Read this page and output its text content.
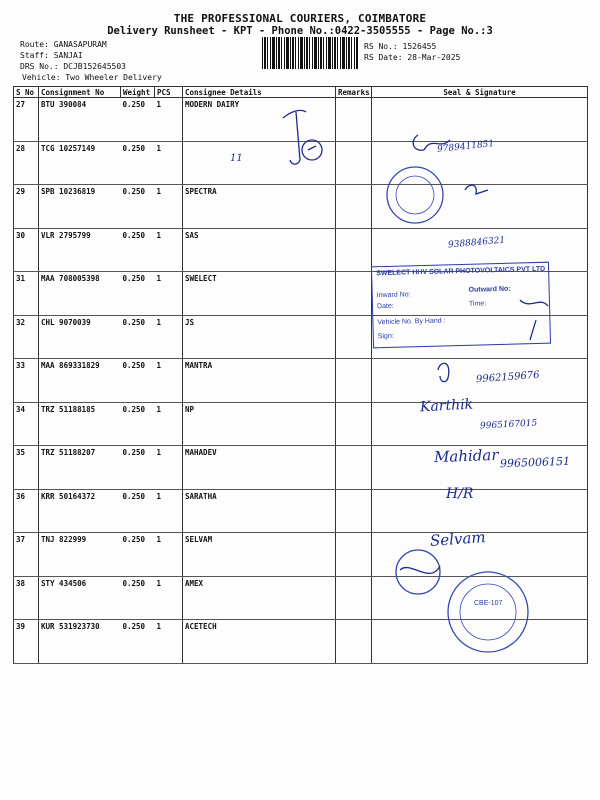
THE PROFESSIONAL COURIERS, COIMBATORE
Delivery Runsheet - KPT - Phone No.:0422-3505555 - Page No.:3
Route: GANASAPURAM
Staff: SANJAI
DRS No.: DCJB152645503
Vehicle: Two Wheeler Delivery
RS No.: 1526455
RS Date: 28-Mar-2025
S No	Consignment No	Weight	PCS	Consignee Details	Remarks	Seal & Signature
27	BTU 390084	0.250	1	MODERN DAIRY		
28	TCG 10257149	0.250	1			
29	SPB 10236819	0.250	1	SPECTRA		
30	VLR 2795799	0.250	1	SAS		
31	MAA 708005398	0.250	1	SWELECT		
32	CHL 9070039	0.250	1	JS		
33	MAA 869331829	0.250	1	MANTRA		
34	TRZ 51188185	0.250	1	NP		
35	TRZ 51188207	0.250	1	MAHADEV		
36	KRR 50164372	0.250	1	SARATHA		
37	TNJ 822999	0.250	1	SELVAM		
38	STY 434506	0.250	1	AMEX		
39	KUR 531923730	0.250	1	ACETECH		
11
9789411851
9388846321
9962159676
Karthik
9965167015
Mahidar 9965006151
H/R
Selvam
SWELECT HHV SOLAR PHOTOVOLTAICS PVT LTD
Inward No:
Outward No:
Date:	Time:
Vehicle No. By Hand :
Sign:
CBE-107
